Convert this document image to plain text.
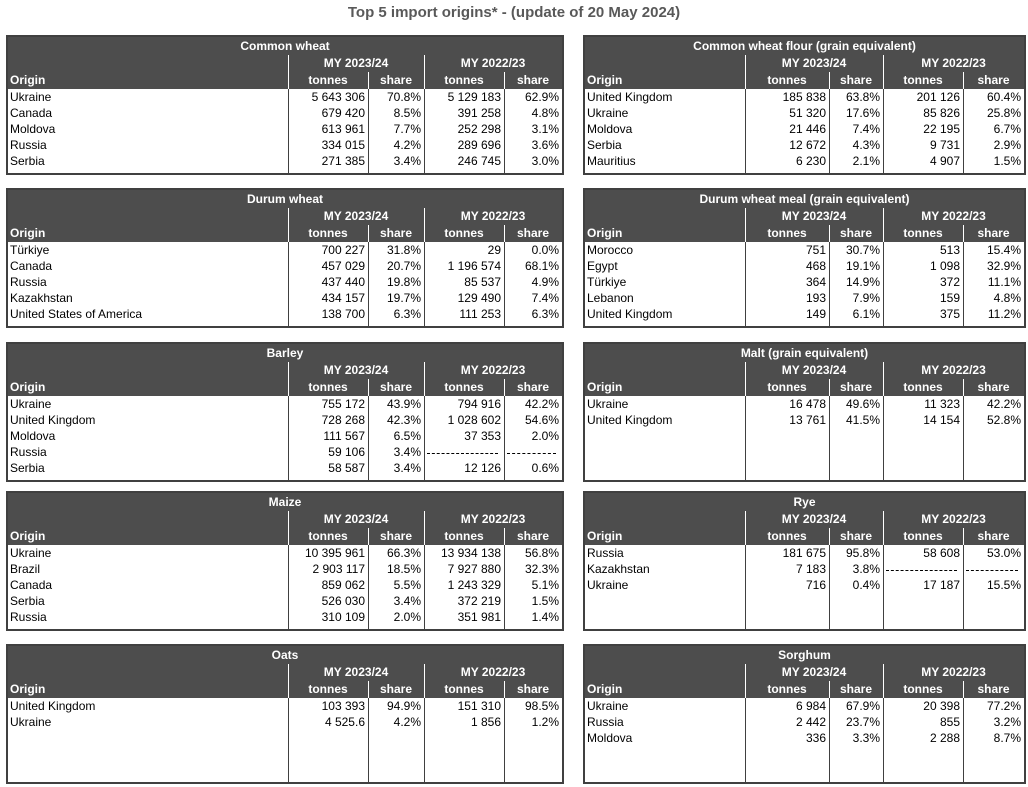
Top 5 import origins* - (update of 20 May 2024)
Common wheat
MY 2023/24	MY 2022/23
Origin	tonnes	share	tonnes	share
Ukraine	5 643 306	70.8%	5 129 183	62.9%
Canada	679 420	8.5%	391 258	4.8%
Moldova	613 961	7.7%	252 298	3.1%
Russia	334 015	4.2%	289 696	3.6%
Serbia	271 385	3.4%	246 745	3.0%
Common wheat flour (grain equivalent)
MY 2023/24	MY 2022/23
Origin	tonnes	share	tonnes	share
United Kingdom	185 838	63.8%	201 126	60.4%
Ukraine	51 320	17.6%	85 826	25.8%
Moldova	21 446	7.4%	22 195	6.7%
Serbia	12 672	4.3%	9 731	2.9%
Mauritius	6 230	2.1%	4 907	1.5%
Durum wheat
MY 2023/24	MY 2022/23
Origin	tonnes	share	tonnes	share
Türkiye	700 227	31.8%	29	0.0%
Canada	457 029	20.7%	1 196 574	68.1%
Russia	437 440	19.8%	85 537	4.9%
Kazakhstan	434 157	19.7%	129 490	7.4%
United States of America	138 700	6.3%	111 253	6.3%
Durum wheat meal (grain equivalent)
MY 2023/24	MY 2022/23
Origin	tonnes	share	tonnes	share
Morocco	751	30.7%	513	15.4%
Egypt	468	19.1%	1 098	32.9%
Türkiye	364	14.9%	372	11.1%
Lebanon	193	7.9%	159	4.8%
United Kingdom	149	6.1%	375	11.2%
Barley
MY 2023/24	MY 2022/23
Origin	tonnes	share	tonnes	share
Ukraine	755 172	43.9%	794 916	42.2%
United Kingdom	728 268	42.3%	1 028 602	54.6%
Moldova	111 567	6.5%	37 353	2.0%
Russia	59 106	3.4%
Serbia	58 587	3.4%	12 126	0.6%
Malt (grain equivalent)
MY 2023/24	MY 2022/23
Origin	tonnes	share	tonnes	share
Ukraine	16 478	49.6%	11 323	42.2%
United Kingdom	13 761	41.5%	14 154	52.8%
Maize
MY 2023/24	MY 2022/23
Origin	tonnes	share	tonnes	share
Ukraine	10 395 961	66.3%	13 934 138	56.8%
Brazil	2 903 117	18.5%	7 927 880	32.3%
Canada	859 062	5.5%	1 243 329	5.1%
Serbia	526 030	3.4%	372 219	1.5%
Russia	310 109	2.0%	351 981	1.4%
Rye
MY 2023/24	MY 2022/23
Origin	tonnes	share	tonnes	share
Russia	181 675	95.8%	58 608	53.0%
Kazakhstan	7 183	3.8%
Ukraine	716	0.4%	17 187	15.5%
Oats
MY 2023/24	MY 2022/23
Origin	tonnes	share	tonnes	share
United Kingdom	103 393	94.9%	151 310	98.5%
Ukraine	4 525.6	4.2%	1 856	1.2%
Sorghum
MY 2023/24	MY 2022/23
Origin	tonnes	share	tonnes	share
Ukraine	6 984	67.9%	20 398	77.2%
Russia	2 442	23.7%	855	3.2%
Moldova	336	3.3%	2 288	8.7%
